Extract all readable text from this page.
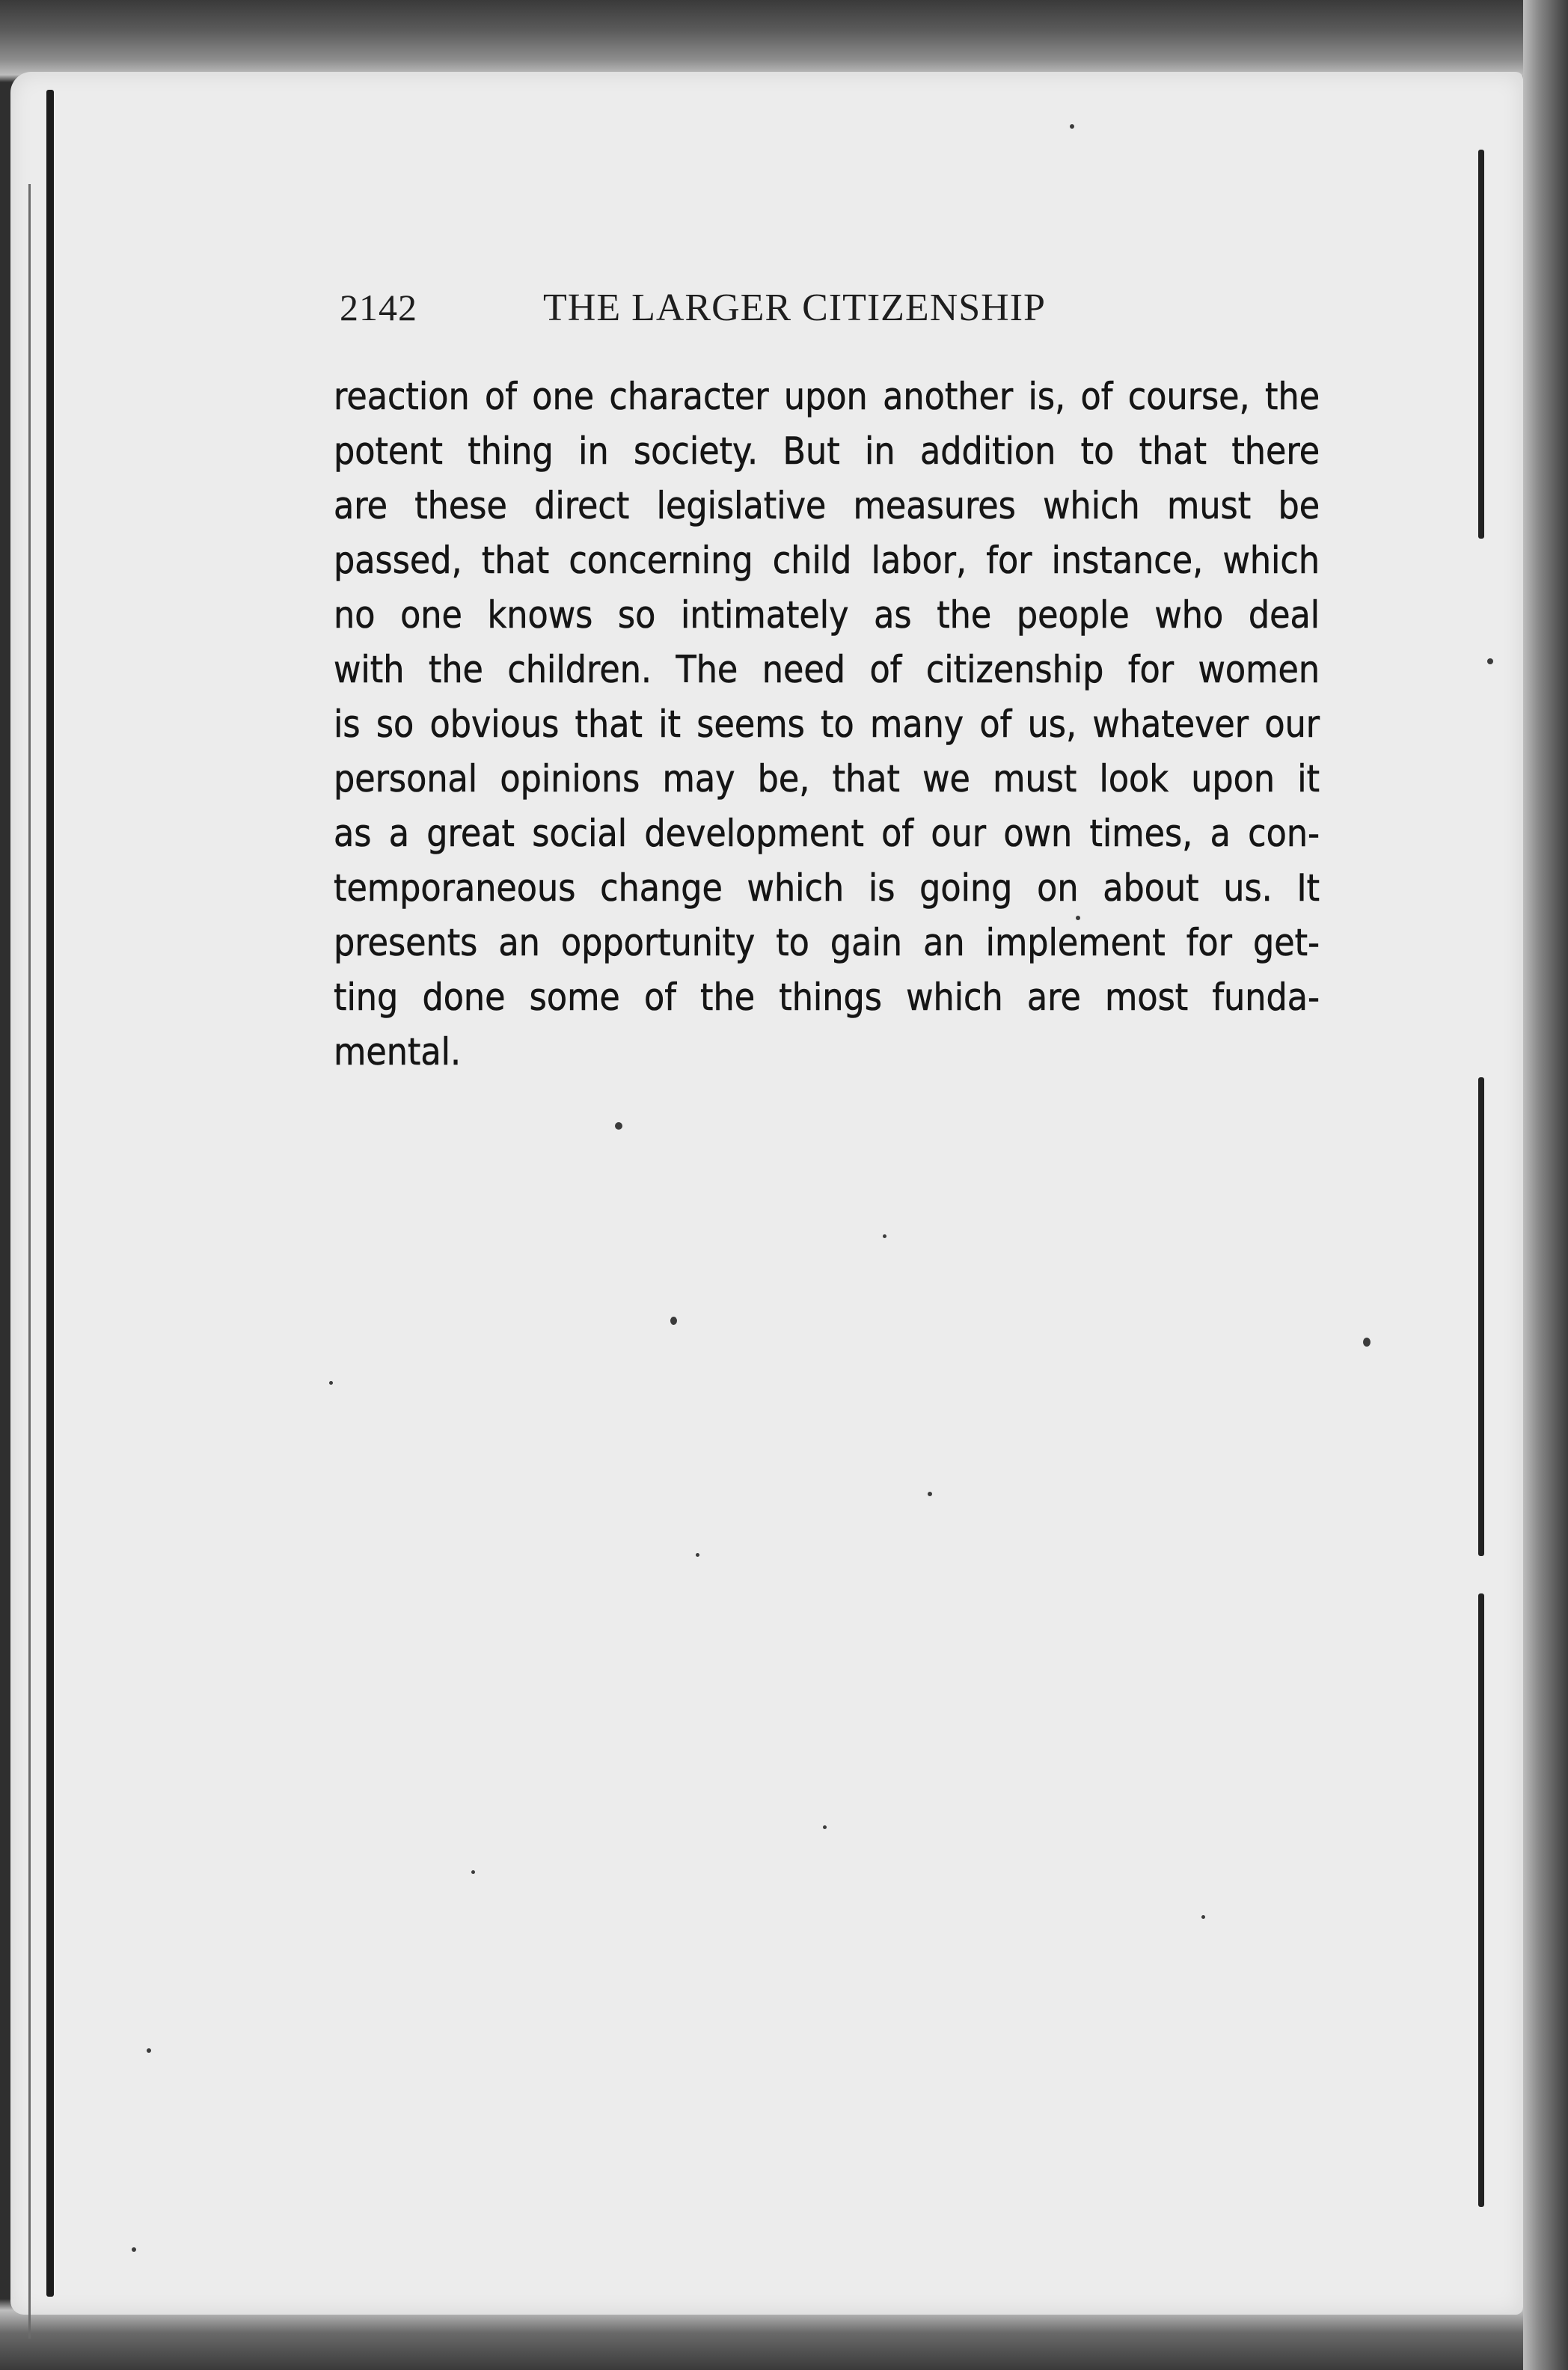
2142	THE LARGER CITIZENSHIP
reaction of one character upon another is, of course, the
potent thing in society. But in addition to that there
are these direct legislative measures which must be
passed, that concerning child labor, for instance, which
no one knows so intimately as the people who deal
with the children. The need of citizenship for women
is so obvious that it seems to many of us, whatever our
personal opinions may be, that we must look upon it
as a great social development of our own times, a con-
temporaneous change which is going on about us. It
presents an opportunity to gain an implement for get-
ting done some of the things which are most funda-
mental.
